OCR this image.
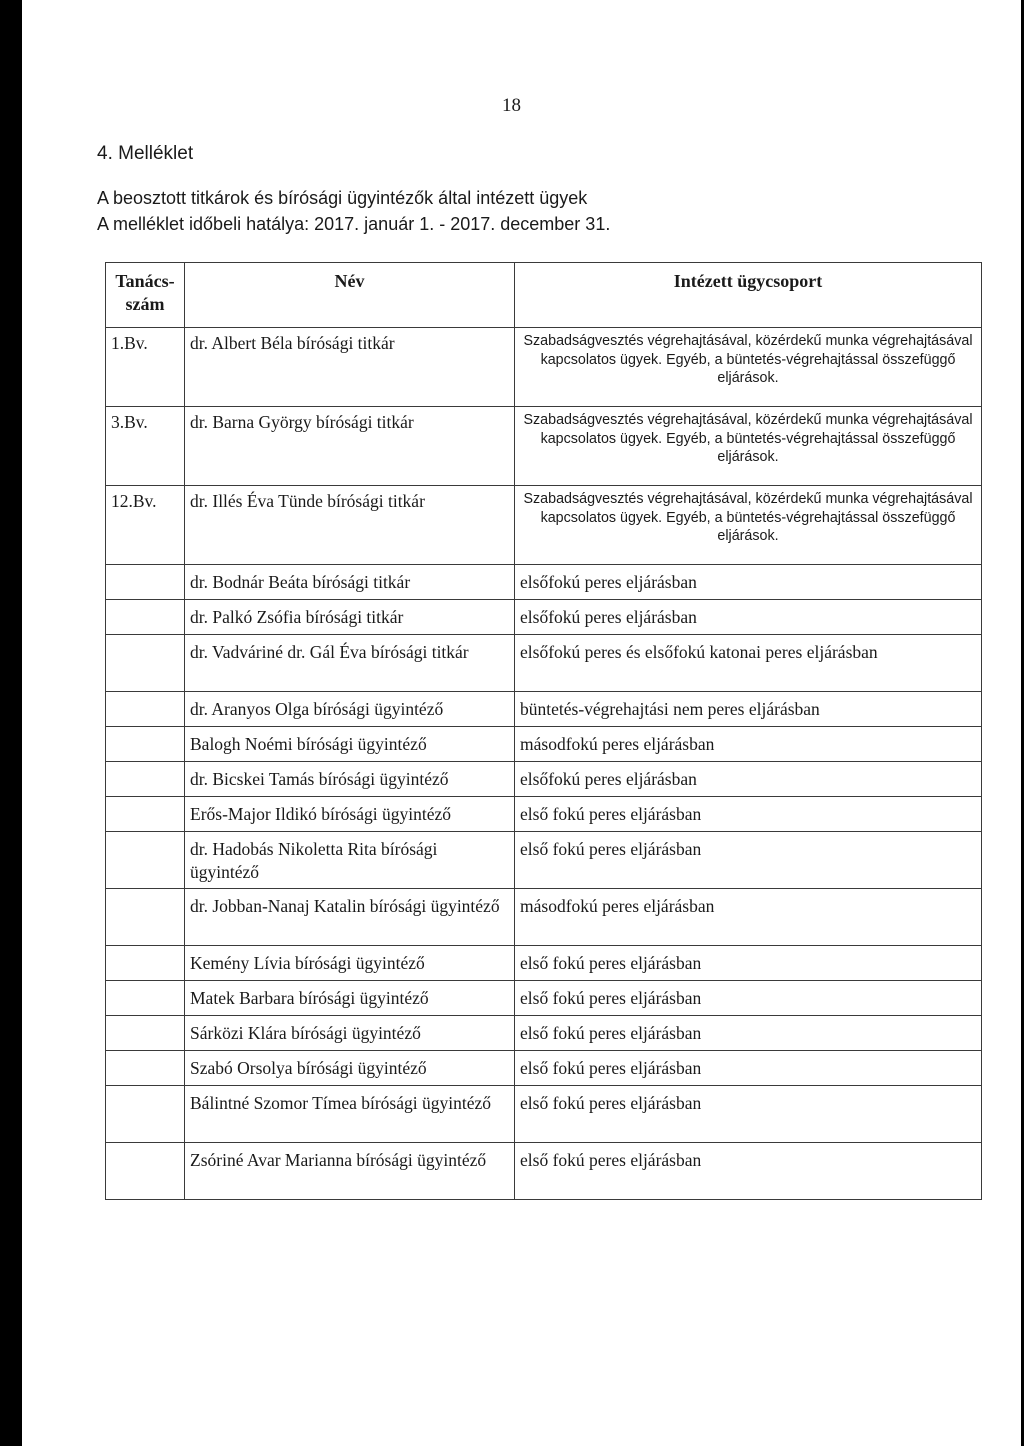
18
4. Melléklet
A beosztott titkárok és bírósági ügyintézők által intézett ügyek
A melléklet időbeli hatálya: 2017. január 1. - 2017. december 31.
Tanács-szám	Név	Intézett ügycsoport
1.Bv.	dr. Albert Béla bírósági titkár	Szabadságvesztés végrehajtásával, közérdekű munka végrehajtásával kapcsolatos ügyek. Egyéb, a büntetés-végrehajtással összefüggő eljárások.
3.Bv.	dr. Barna György bírósági titkár	Szabadságvesztés végrehajtásával, közérdekű munka végrehajtásával kapcsolatos ügyek. Egyéb, a büntetés-végrehajtással összefüggő eljárások.
12.Bv.	dr. Illés Éva Tünde bírósági titkár	Szabadságvesztés végrehajtásával, közérdekű munka végrehajtásával kapcsolatos ügyek. Egyéb, a büntetés-végrehajtással összefüggő eljárások.
	dr. Bodnár Beáta bírósági titkár	elsőfokú peres eljárásban
	dr. Palkó Zsófia bírósági titkár	elsőfokú peres eljárásban
	dr. Vadváriné dr. Gál Éva bírósági titkár	elsőfokú peres és elsőfokú katonai peres eljárásban
	dr. Aranyos Olga bírósági ügyintéző	büntetés-végrehajtási nem peres eljárásban
	Balogh Noémi bírósági ügyintéző	másodfokú peres eljárásban
	dr. Bicskei Tamás bírósági ügyintéző	elsőfokú peres eljárásban
	Erős-Major Ildikó bírósági ügyintéző	első fokú peres eljárásban
	dr. Hadobás Nikoletta Rita bírósági ügyintéző	első fokú peres eljárásban
	dr. Jobban-Nanaj Katalin bírósági ügyintéző	másodfokú peres eljárásban
	Kemény Lívia bírósági ügyintéző	első fokú peres eljárásban
	Matek Barbara bírósági ügyintéző	első fokú peres eljárásban
	Sárközi Klára bírósági ügyintéző	első fokú peres eljárásban
	Szabó Orsolya bírósági ügyintéző	első fokú peres eljárásban
	Bálintné Szomor Tímea bírósági ügyintéző	első fokú peres eljárásban
	Zsóriné Avar Marianna bírósági ügyintéző	első fokú peres eljárásban
